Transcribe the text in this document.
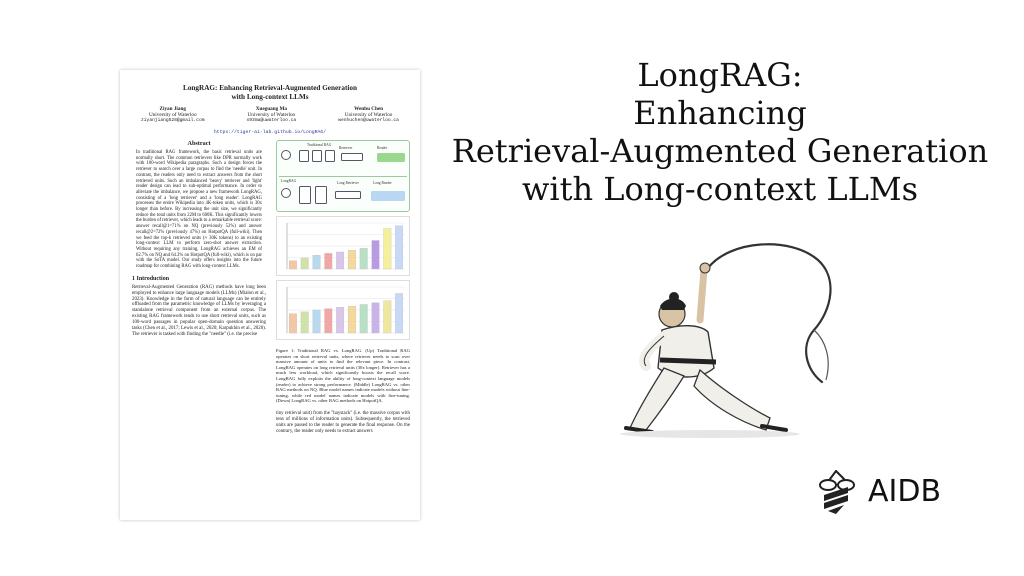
LongRAG: Enhancing Retrieval-Augmented Generation
with Long-context LLMs
Ziyan Jiang
University of Waterloo
ziyanjiang528@gmail.com
Xueguang Ma
University of Waterloo
x93ma@uwaterloo.ca
Wenhu Chen
University of Waterloo
wenhuchen@uwaterloo.ca
https://tiger-ai-lab.github.io/LongRAG/
Abstract
In traditional RAG framework, the basic retrieval units are normally short. The common retrievers like DPR normally work with 100-word Wikipedia paragraphs. Such a design forces the retriever to search over a large corpus to find the 'needle' unit. In contrast, the readers only need to extract answers from the short retrieved units. Such an imbalanced 'heavy' retriever and 'light' reader design can lead to sub-optimal performance. In order to alleviate the imbalance, we propose a new framework LongRAG, consisting of a 'long retriever' and a 'long reader'. LongRAG processes the entire Wikipedia into 4K-token units, which is 30x longer than before. By increasing the unit size, we significantly reduce the total units from 22M to 600K. This significantly lowers the burden of retriever, which leads to a remarkable retrieval score: answer recall@1=71% on NQ (previously 52%) and answer recall@2=72% (previously 47%) on HotpotQA (full-wiki). Then we feed the top-k retrieved units (≈ 30K tokens) to an existing long-context LLM to perform zero-shot answer extraction. Without requiring any training, LongRAG achieves an EM of 62.7% on NQ and 64.3% on HotpotQA (full-wiki), which is on par with the SoTA model. Our study offers insights into the future roadmap for combining RAG with long-context LLMs.
1 Introduction
Retrieval-Augmented Generation (RAG) methods have long been employed to enhance large language models (LLMs) (Mialon et al., 2023). Knowledge in the form of natural language can be entirely offloaded from the parametric knowledge of LLMs by leveraging a standalone retrieval component from an external corpus. The existing RAG framework tends to use short retrieval units, such as 100-word passages in popular open-domain question answering tasks (Chen et al., 2017; Lewis et al., 2020; Karpukhin et al., 2020). The retriever is tasked with finding the "needle" (i.e. the precise
Traditional RAG
Retriever	Reader
LongRAG	Long Retriever	Long Reader
Figure 1: Traditional RAG vs. LongRAG. (Up) Traditional RAG operates on short retrieval units, where retriever needs to scan over massive amount of units to find the relevant piece. In contrast, LongRAG operates on long retrieval units (30x longer). Retriever has a much less workload, which significantly boosts the recall score. LongRAG fully exploits the ability of long-context language models (reader) to achieve strong performance. (Middle) LongRAG vs. other RAG methods on NQ. Blue model names indicate models without fine-tuning, while red model names indicate models with fine-tuning. (Down) LongRAG vs. other RAG methods on HotpotQA.
tiny retrieval unit) from the "haystack" (i.e. the massive corpus with tens of millions of information units). Subsequently, the retrieved units are passed to the reader to generate the final response. On the contrary, the reader only needs to extract answers
LongRAG:
Enhancing
Retrieval-Augmented Generation
with Long-context LLMs
AIDB
